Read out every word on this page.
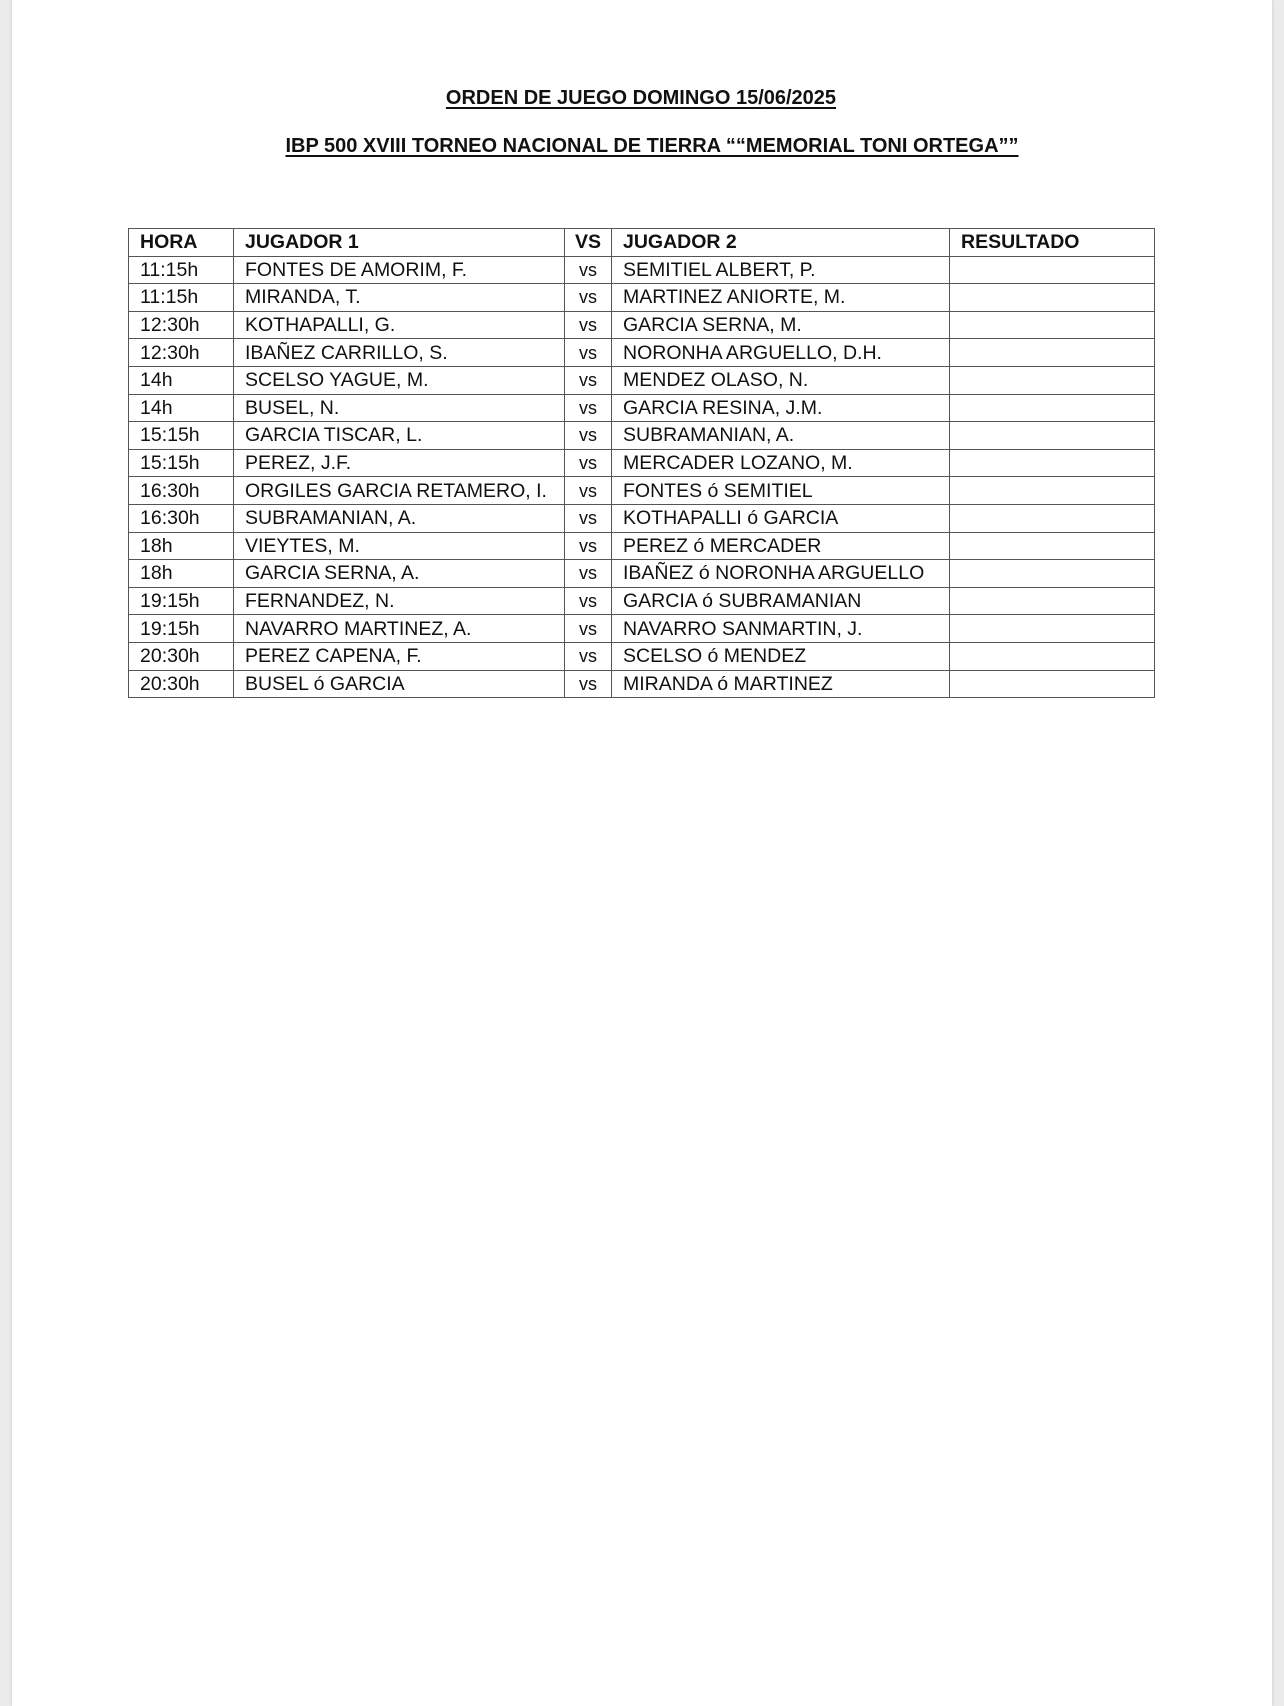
ORDEN DE JUEGO DOMINGO 15/06/2025
IBP 500 XVIII TORNEO NACIONAL DE TIERRA ““MEMORIAL TONI ORTEGA””
HORA	JUGADOR 1	VS	JUGADOR 2	RESULTADO
11:15h	FONTES DE AMORIM, F.	vs	SEMITIEL ALBERT, P.	
11:15h	MIRANDA, T.	vs	MARTINEZ ANIORTE, M.	
12:30h	KOTHAPALLI, G.	vs	GARCIA SERNA, M.	
12:30h	IBAÑEZ CARRILLO, S.	vs	NORONHA ARGUELLO, D.H.	
14h	SCELSO YAGUE, M.	vs	MENDEZ OLASO, N.	
14h	BUSEL, N.	vs	GARCIA RESINA, J.M.	
15:15h	GARCIA TISCAR, L.	vs	SUBRAMANIAN, A.	
15:15h	PEREZ, J.F.	vs	MERCADER LOZANO, M.	
16:30h	ORGILES GARCIA RETAMERO, I.	vs	FONTES ó SEMITIEL	
16:30h	SUBRAMANIAN, A.	vs	KOTHAPALLI ó GARCIA	
18h	VIEYTES, M.	vs	PEREZ ó MERCADER	
18h	GARCIA SERNA, A.	vs	IBAÑEZ ó NORONHA ARGUELLO	
19:15h	FERNANDEZ, N.	vs	GARCIA ó SUBRAMANIAN	
19:15h	NAVARRO MARTINEZ, A.	vs	NAVARRO SANMARTIN, J.	
20:30h	PEREZ CAPENA, F.	vs	SCELSO ó MENDEZ	
20:30h	BUSEL ó GARCIA	vs	MIRANDA ó MARTINEZ	
